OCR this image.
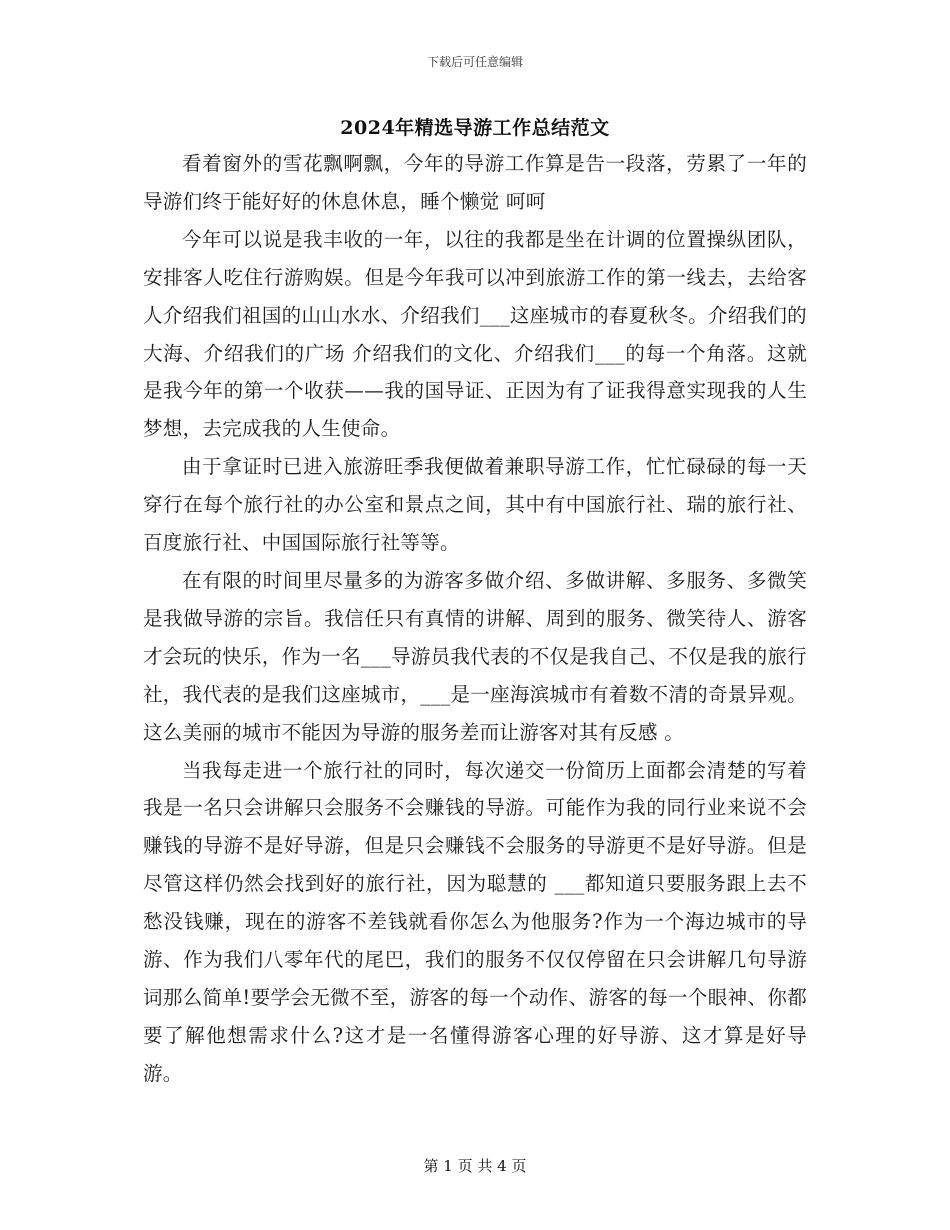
下载后可任意编辑
2024年精选导游工作总结范文

看着窗外的雪花飘啊飘，今年的导游工作算是告一段落，劳累了一年的导游们终于能好好的休息休息，睡个懒觉 呵呵

今年可以说是我丰收的一年，以往的我都是坐在计调的位置操纵团队，安排客人吃住行游购娱。但是今年我可以冲到旅游工作的第一线去，去给客人介绍我们祖国的山山水水、介绍我们___这座城市的春夏秋冬。介绍我们的大海、介绍我们的广场 介绍我们的文化、介绍我们___的每一个角落。这就是我今年的第一个收获——我的国导证、正因为有了证我得意实现我的人生梦想，去完成我的人生使命。

由于拿证时已进入旅游旺季我便做着兼职导游工作，忙忙碌碌的每一天穿行在每个旅行社的办公室和景点之间，其中有中国旅行社、瑞的旅行社、百度旅行社、中国国际旅行社等等。

在有限的时间里尽量多的为游客多做介绍、多做讲解、多服务、多微笑是我做导游的宗旨。我信任只有真情的讲解、周到的服务、微笑待人、游客才会玩的快乐，作为一名___导游员我代表的不仅是我自己、不仅是我的旅行社，我代表的是我们这座城市，___是一座海滨城市有着数不清的奇景异观。这么美丽的城市不能因为导游的服务差而让游客对其有反感 。

当我每走进一个旅行社的同时，每次递交一份简历上面都会清楚的写着我是一名只会讲解只会服务不会赚钱的导游。可能作为我的同行业来说不会赚钱的导游不是好导游，但是只会赚钱不会服务的导游更不是好导游。但是尽管这样仍然会找到好的旅行社，因为聪慧的 ___都知道只要服务跟上去不愁没钱赚，现在的游客不差钱就看你怎么为他服务?作为一个海边城市的导游、作为我们八零年代的尾巴，我们的服务不仅仅停留在只会讲解几句导游词那么简单!要学会无微不至，游客的每一个动作、游客的每一个眼神、你都要了解他想需求什么?这才是一名懂得游客心理的好导游、这才算是好导游。

第 1 页 共 4 页
